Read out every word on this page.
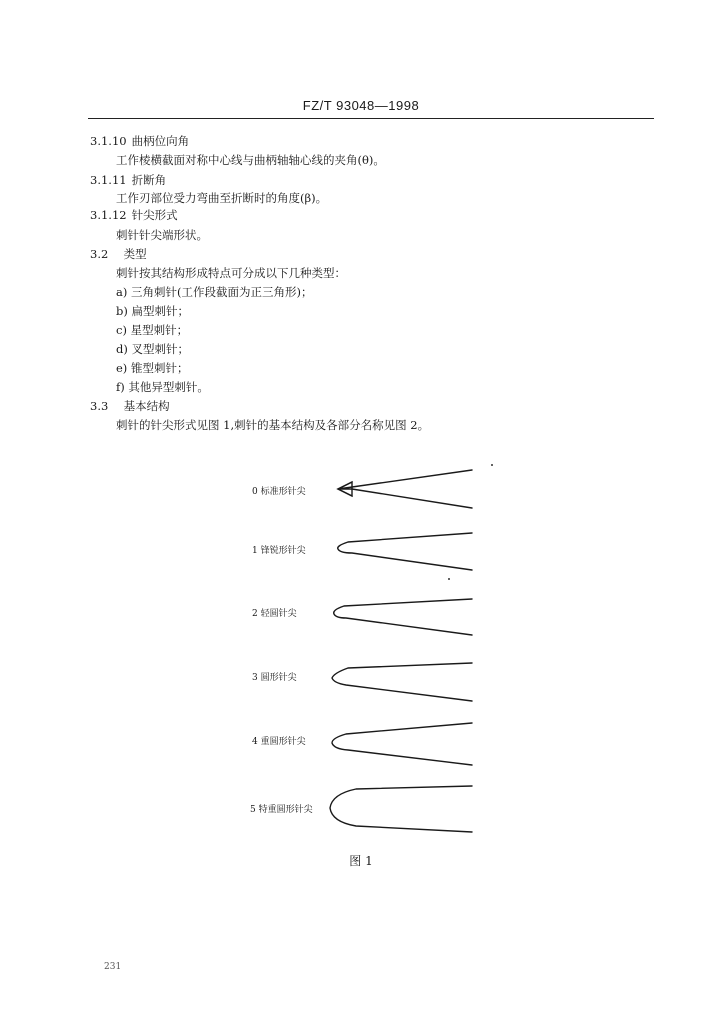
FZ/T 93048—1998
3.1.10 曲柄位向角
工作棱横截面对称中心线与曲柄轴轴心线的夹角(θ)。
3.1.11 折断角
工作刃部位受力弯曲至折断时的角度(β)。
3.1.12 针尖形式
刺针针尖端形状。
3.2 类型
刺针按其结构形成特点可分成以下几种类型：
a) 三角刺针(工作段截面为正三角形)；
b) 扁型刺针；
c) 星型刺针；
d) 叉型刺针；
e) 锥型刺针；
f) 其他异型刺针。
3.3 基本结构
刺针的针尖形式见图 1,刺针的基本结构及各部分名称见图 2。
0 标准形针尖
1 锋锐形针尖
2 轻圆针尖
3 圆形针尖
4 重圆形针尖
5 特重圆形针尖
图 1
231
